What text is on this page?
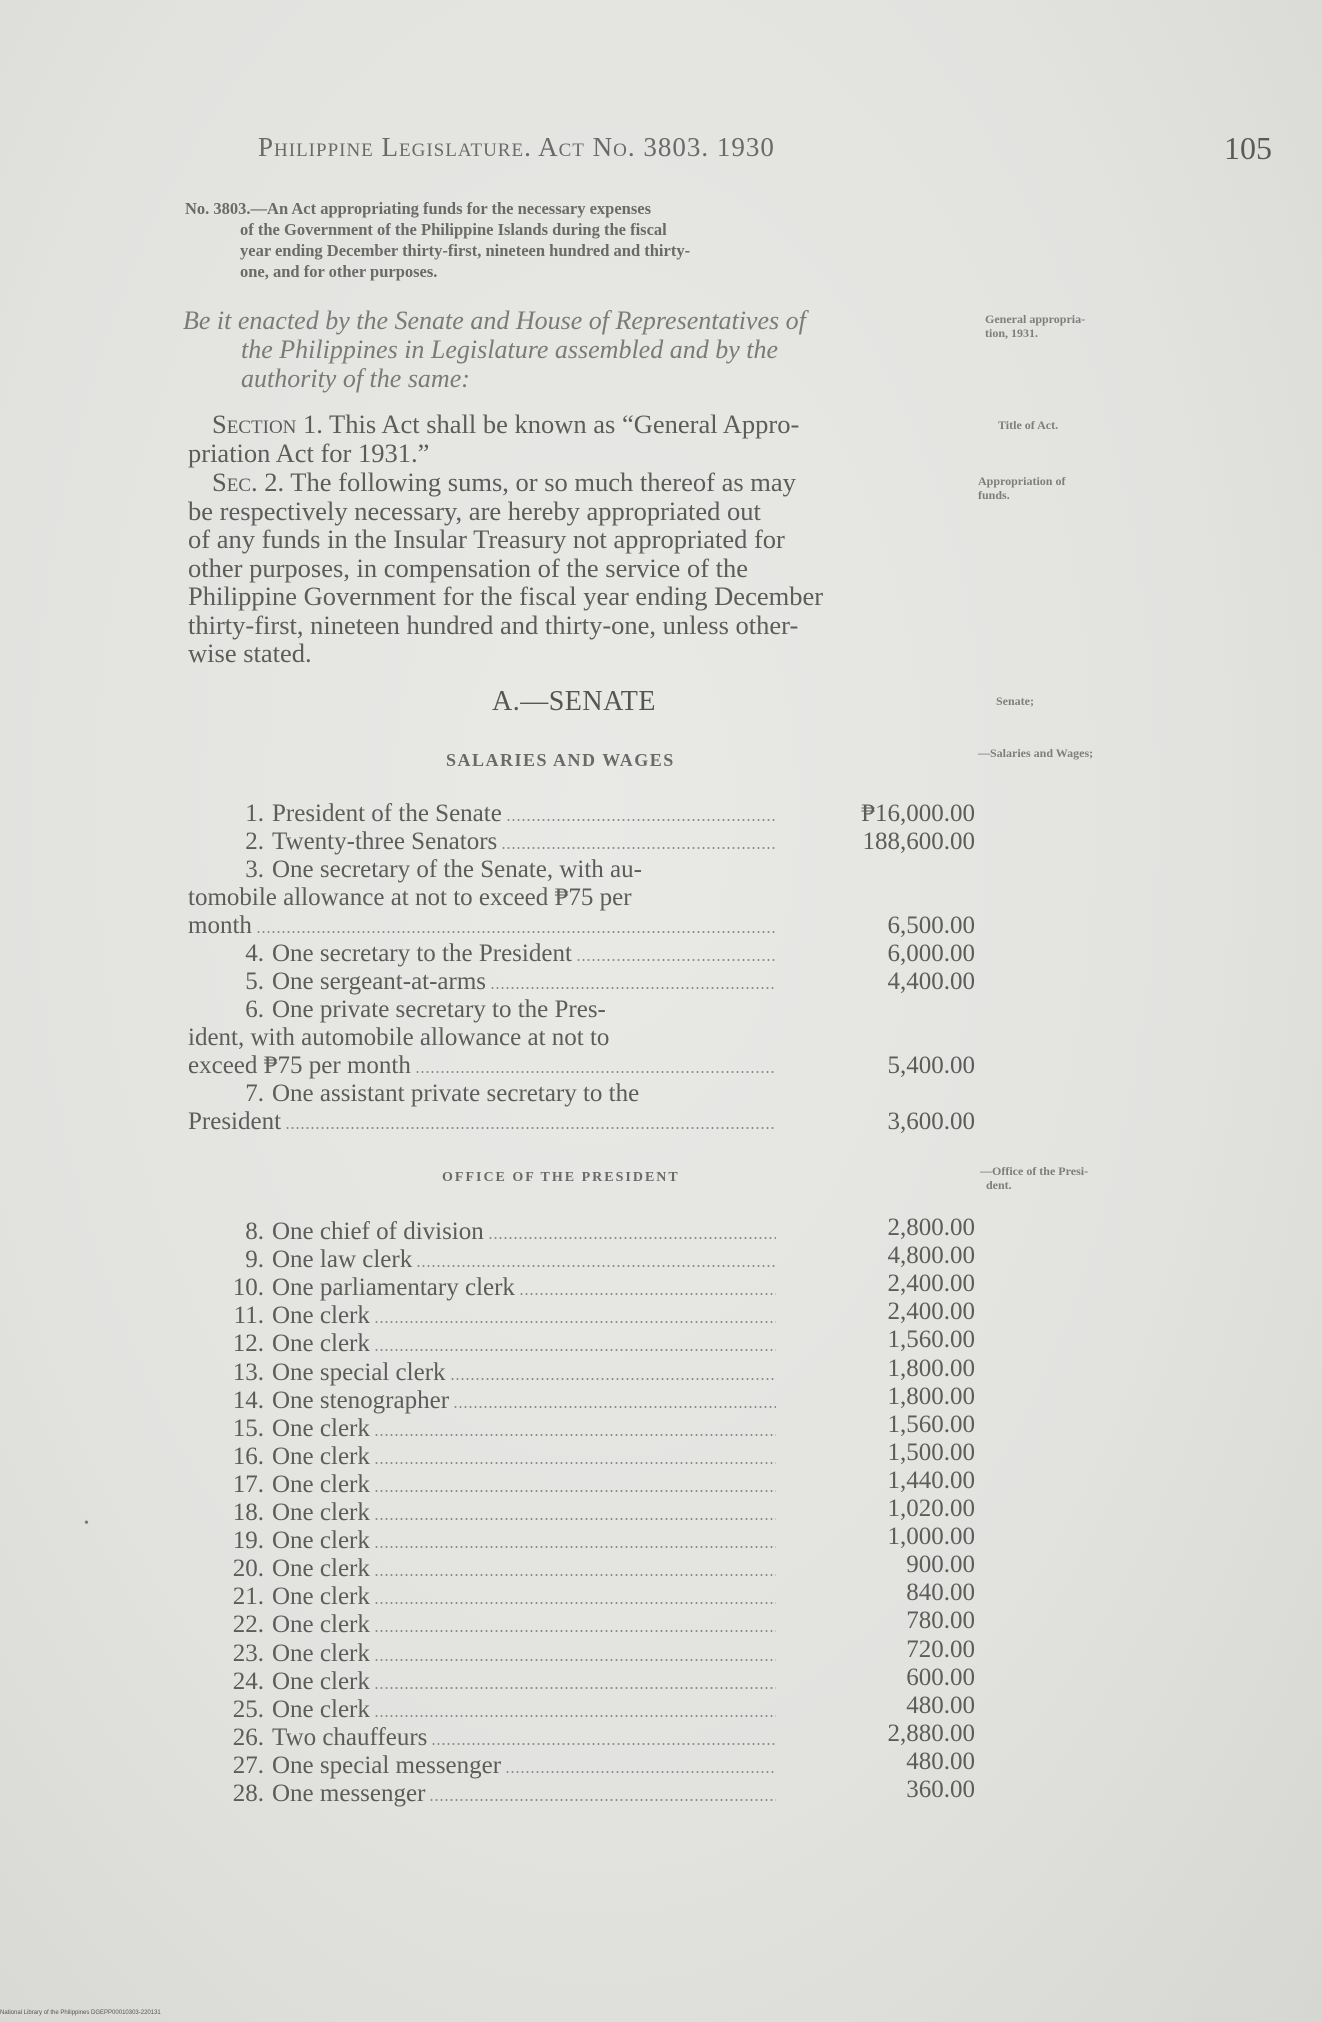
Philippine Legislature. Act No. 3803. 1930	105
No. 3803.—An Act appropriating funds for the necessary expenses
of the Government of the Philippine Islands during the fiscal
year ending December thirty-first, nineteen hundred and thirty-
one, and for other purposes.
Be it enacted by the Senate and House of Representatives of
the Philippines in Legislature assembled and by the
authority of the same:
General appropria-
tion, 1931.
Section 1. This Act shall be known as “General Appro-
priation Act for 1931.”
Title of Act.
Sec. 2. The following sums, or so much thereof as may
be respectively necessary, are hereby appropriated out
of any funds in the Insular Treasury not appropriated for
other purposes, in compensation of the service of the
Philippine Government for the fiscal year ending December
thirty-first, nineteen hundred and thirty-one, unless other-
wise stated.
Appropriation of
funds.
A.—SENATE	Senate;
SALARIES AND WAGES	—Salaries and Wages;
OFFICE OF THE PRESIDENT	—Office of the Presi-
dent.
•
National Library of the Philippines DGEPP00010303-220131
1. President of the Senate	₱16,000.00
2. Twenty-three Senators	188,600.00
3. One secretary of the Senate, with au-
tomobile allowance at not to exceed ₱75 per
month	6,500.00
4. One secretary to the President	6,000.00
5. One sergeant-at-arms	4,400.00
6. One private secretary to the Pres-
ident, with automobile allowance at not to
exceed ₱75 per month	5,400.00
7. One assistant private secretary to the
President	3,600.00
8. One chief of division	2,800.00
9. One law clerk	4,800.00
10. One parliamentary clerk	2,400.00
11. One clerk	2,400.00
12. One clerk	1,560.00
13. One special clerk	1,800.00
14. One stenographer	1,800.00
15. One clerk	1,560.00
16. One clerk	1,500.00
17. One clerk	1,440.00
18. One clerk	1,020.00
19. One clerk	1,000.00
20. One clerk	900.00
21. One clerk	840.00
22. One clerk	780.00
23. One clerk	720.00
24. One clerk	600.00
25. One clerk	480.00
26. Two chauffeurs	2,880.00
27. One special messenger	480.00
28. One messenger	360.00
